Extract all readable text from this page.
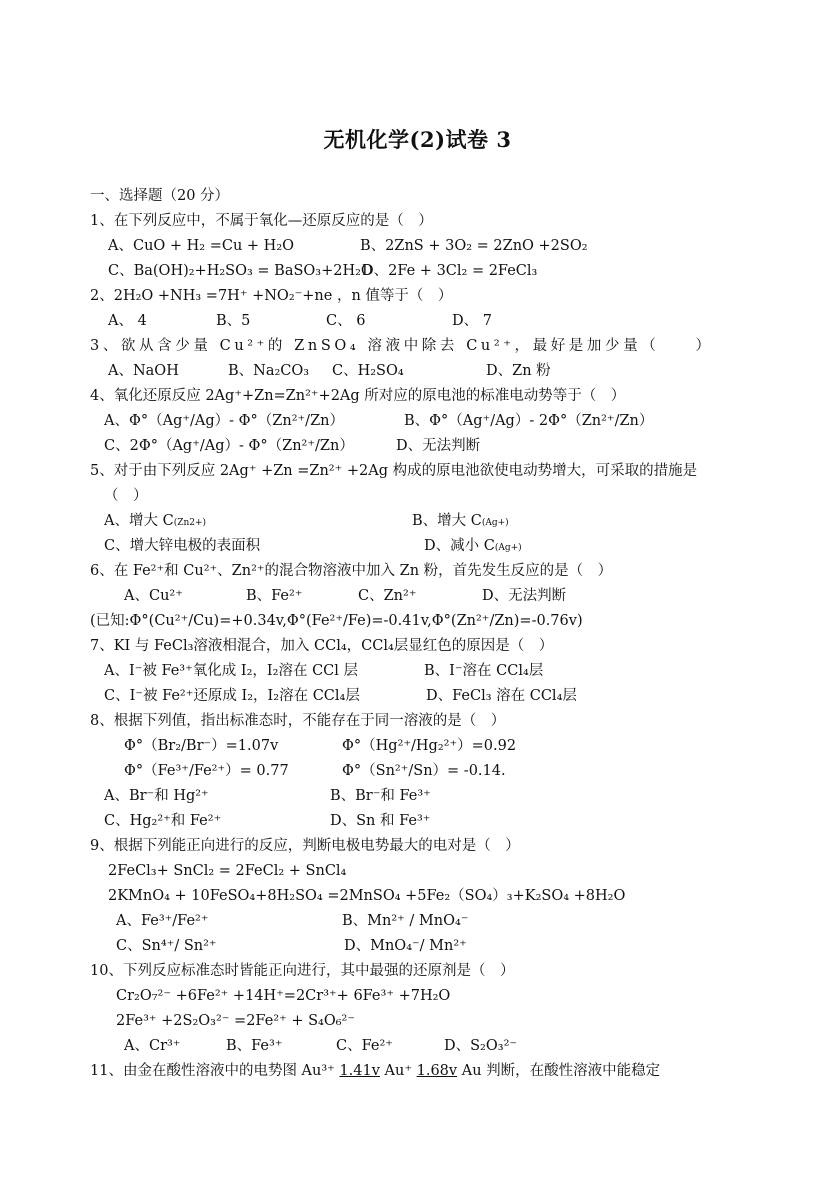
无机化学(2)试卷 3
一、选择题（20 分）
1、在下列反应中，不属于氧化—还原反应的是（　）
A、CuO + H₂ =Cu + H₂O	B、2ZnS + 3O₂ = 2ZnO +2SO₂
C、Ba(OH)₂+H₂SO₃ = BaSO₃+2H₂O
D、2Fe + 3Cl₂ = 2FeCl₃
2、2H₂O +NH₃ =7H⁺ +NO₂⁻+ne ，n 值等于（　）
A、 4	B、5	C、 6	D、 7
3、欲从含少量 Cu²⁺的 ZnSO₄ 溶液中除去 Cu²⁺，最好是加少量（　　）
A、NaOH	B、Na₂CO₃ C、H₂SO₄	D、Zn 粉
4、氧化还原反应 2Ag⁺+Zn=Zn²⁺+2Ag 所对应的原电池的标准电动势等于（　）
A、Φ°（Ag⁺/Ag）- Φ°（Zn²⁺/Zn）	B、Φ°（Ag⁺/Ag）- 2Φ°（Zn²⁺/Zn）
C、2Φ°（Ag⁺/Ag）- Φ°（Zn²⁺/Zn）	D、无法判断
5、对于由下列反应 2Ag⁺ +Zn =Zn²⁺ +2Ag 构成的原电池欲使电动势增大，可采取的措施是
（　）
A、增大 C(Zn2+)	B、增大 C(Ag+)
C、增大锌电极的表面积	D、减小 C(Ag+)
6、在 Fe²⁺和 Cu²⁺、Zn²⁺的混合物溶液中加入 Zn 粉，首先发生反应的是（　）
A、Cu²⁺	B、Fe²⁺	C、Zn²⁺	D、无法判断
(已知:Φ°(Cu²⁺/Cu)=+0.34v,Φ°(Fe²⁺/Fe)=-0.41v,Φ°(Zn²⁺/Zn)=-0.76v)
7、KI 与 FeCl₃溶液相混合，加入 CCl₄，CCl₄层显红色的原因是（　）
A、I⁻被 Fe³⁺氧化成 I₂，I₂溶在 CCl 层	B、I⁻溶在 CCl₄层
C、I⁻被 Fe²⁺还原成 I₂，I₂溶在 CCl₄层	D、FeCl₃ 溶在 CCl₄层
8、根据下列值，指出标准态时，不能存在于同一溶液的是（　）
Φ°（Br₂/Br⁻）=1.07v	Φ°（Hg²⁺/Hg₂²⁺）=0.92
Φ°（Fe³⁺/Fe²⁺）= 0.77	Φ°（Sn²⁺/Sn）= -0.14.
A、Br⁻和 Hg²⁺	B、Br⁻和 Fe³⁺
C、Hg₂²⁺和 Fe²⁺	D、Sn 和 Fe³⁺
9、根据下列能正向进行的反应，判断电极电势最大的电对是（　）
2FeCl₃+ SnCl₂ = 2FeCl₂ + SnCl₄
2KMnO₄ + 10FeSO₄+8H₂SO₄ =2MnSO₄ +5Fe₂（SO₄）₃+K₂SO₄ +8H₂O
A、Fe³⁺/Fe²⁺	B、Mn²⁺ / MnO₄⁻
C、Sn⁴⁺/ Sn²⁺	D、MnO₄⁻/ Mn²⁺
10、下列反应标准态时皆能正向进行，其中最强的还原剂是（　）
Cr₂O₇²⁻ +6Fe²⁺ +14H⁺=2Cr³⁺+ 6Fe³⁺ +7H₂O
2Fe³⁺ +2S₂O₃²⁻ =2Fe²⁺ + S₄O₆²⁻
A、Cr³⁺	B、Fe³⁺	C、Fe²⁺	D、S₂O₃²⁻
11、由金在酸性溶液中的电势图 Au³⁺ 1.41v Au⁺ 1.68v Au 判断，在酸性溶液中能稳定
